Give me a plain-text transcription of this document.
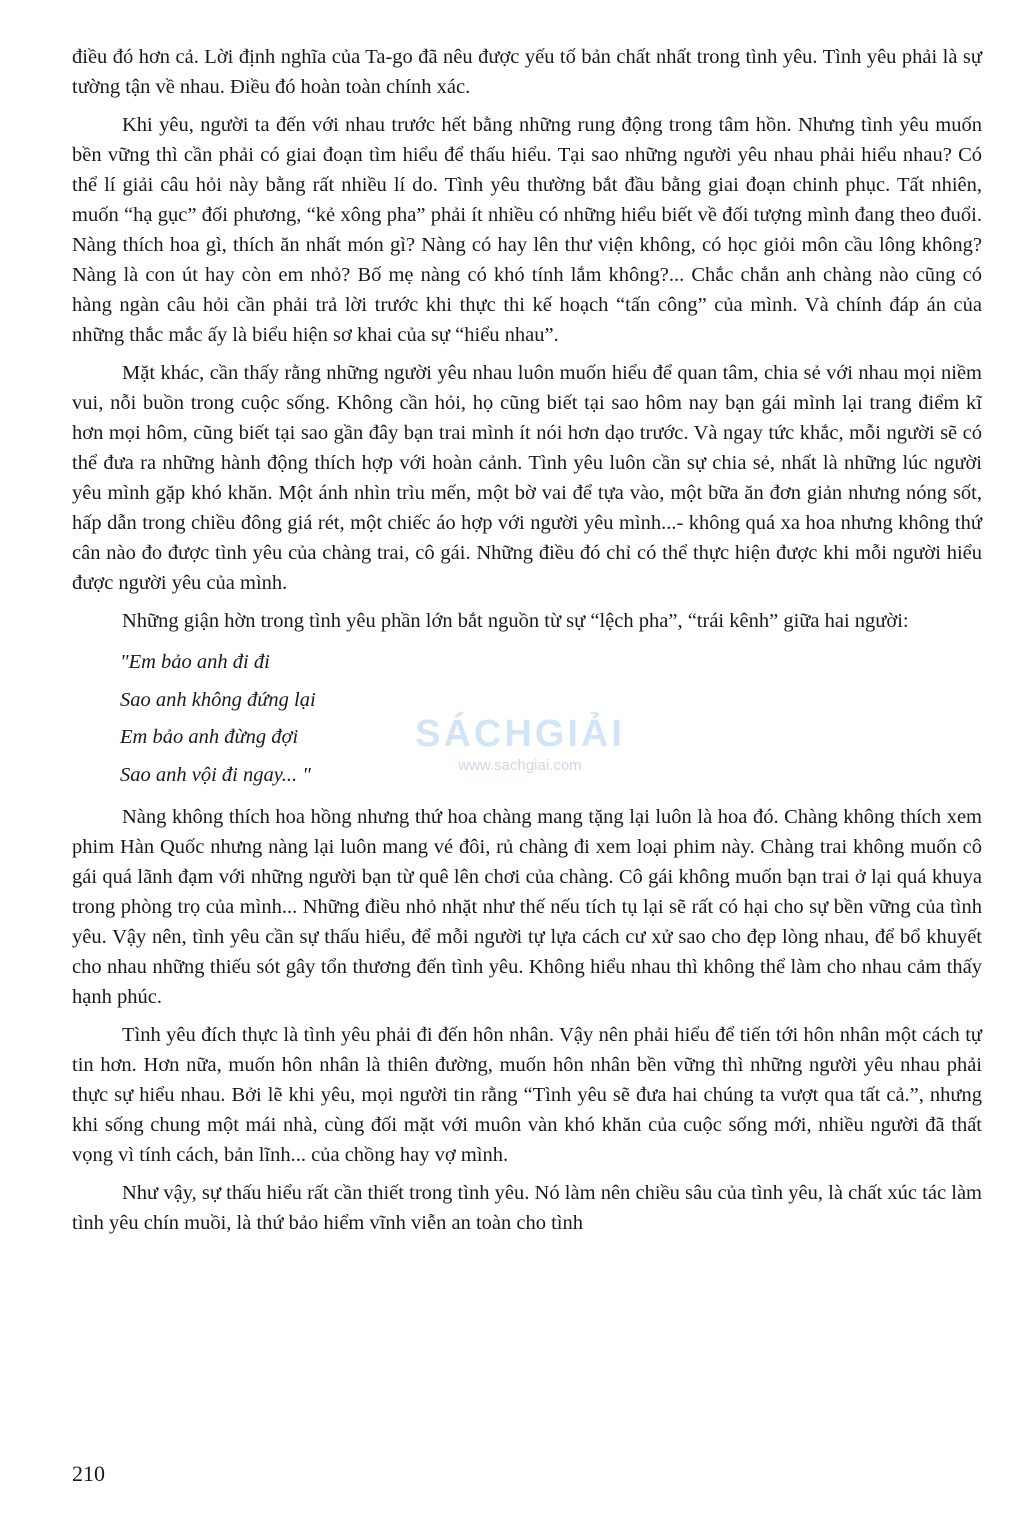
điều đó hơn cả. Lời định nghĩa của Ta-go đã nêu được yếu tố bản chất nhất trong tình yêu. Tình yêu phải là sự tường tận về nhau. Điều đó hoàn toàn chính xác.

Khi yêu, người ta đến với nhau trước hết bằng những rung động trong tâm hồn. Nhưng tình yêu muốn bền vững thì cần phải có giai đoạn tìm hiểu để thấu hiểu. Tại sao những người yêu nhau phải hiểu nhau? Có thể lí giải câu hỏi này bằng rất nhiều lí do. Tình yêu thường bắt đầu bằng giai đoạn chinh phục. Tất nhiên, muốn “hạ gục” đối phương, “kẻ xông pha” phải ít nhiều có những hiểu biết về đối tượng mình đang theo đuổi. Nàng thích hoa gì, thích ăn nhất món gì? Nàng có hay lên thư viện không, có học giỏi môn cầu lông không? Nàng là con út hay còn em nhỏ? Bố mẹ nàng có khó tính lắm không?... Chắc chắn anh chàng nào cũng có hàng ngàn câu hỏi cần phải trả lời trước khi thực thi kế hoạch “tấn công” của mình. Và chính đáp án của những thắc mắc ấy là biểu hiện sơ khai của sự “hiểu nhau”.

Mặt khác, cần thấy rằng những người yêu nhau luôn muốn hiểu để quan tâm, chia sẻ với nhau mọi niềm vui, nỗi buồn trong cuộc sống. Không cần hỏi, họ cũng biết tại sao hôm nay bạn gái mình lại trang điểm kĩ hơn mọi hôm, cũng biết tại sao gần đây bạn trai mình ít nói hơn dạo trước. Và ngay tức khắc, mỗi người sẽ có thể đưa ra những hành động thích hợp với hoàn cảnh. Tình yêu luôn cần sự chia sẻ, nhất là những lúc người yêu mình gặp khó khăn. Một ánh nhìn trìu mến, một bờ vai để tựa vào, một bữa ăn đơn giản nhưng nóng sốt, hấp dẫn trong chiều đông giá rét, một chiếc áo hợp với người yêu mình...- không quá xa hoa nhưng không thứ cân nào đo được tình yêu của chàng trai, cô gái. Những điều đó chỉ có thể thực hiện được khi mỗi người hiểu được người yêu của mình.

Những giận hờn trong tình yêu phần lớn bắt nguồn từ sự “lệch pha”, “trái kênh” giữa hai người:

"Em bảo anh đi đi
Sao anh không đứng lại
Em bảo anh đừng đợi
Sao anh vội đi ngay... "

Nàng không thích hoa hồng nhưng thứ hoa chàng mang tặng lại luôn là hoa đó. Chàng không thích xem phim Hàn Quốc nhưng nàng lại luôn mang vé đôi, rủ chàng đi xem loại phim này. Chàng trai không muốn cô gái quá lãnh đạm với những người bạn từ quê lên chơi của chàng. Cô gái không muốn bạn trai ở lại quá khuya trong phòng trọ của mình... Những điều nhỏ nhặt như thế nếu tích tụ lại sẽ rất có hại cho sự bền vững của tình yêu. Vậy nên, tình yêu cần sự thấu hiểu, để mỗi người tự lựa cách cư xử sao cho đẹp lòng nhau, để bổ khuyết cho nhau những thiếu sót gây tổn thương đến tình yêu. Không hiểu nhau thì không thể làm cho nhau cảm thấy hạnh phúc.

Tình yêu đích thực là tình yêu phải đi đến hôn nhân. Vậy nên phải hiểu để tiến tới hôn nhân một cách tự tin hơn. Hơn nữa, muốn hôn nhân là thiên đường, muốn hôn nhân bền vững thì những người yêu nhau phải thực sự hiểu nhau. Bởi lẽ khi yêu, mọi người tin rằng “Tình yêu sẽ đưa hai chúng ta vượt qua tất cả.”, nhưng khi sống chung một mái nhà, cùng đối mặt với muôn vàn khó khăn của cuộc sống mới, nhiều người đã thất vọng vì tính cách, bản lĩnh... của chồng hay vợ mình.

Như vậy, sự thấu hiểu rất cần thiết trong tình yêu. Nó làm nên chiều sâu của tình yêu, là chất xúc tác làm tình yêu chín muồi, là thứ bảo hiểm vĩnh viễn an toàn cho tình

SÁCHGIẢI
www.sachgiai.com
210
